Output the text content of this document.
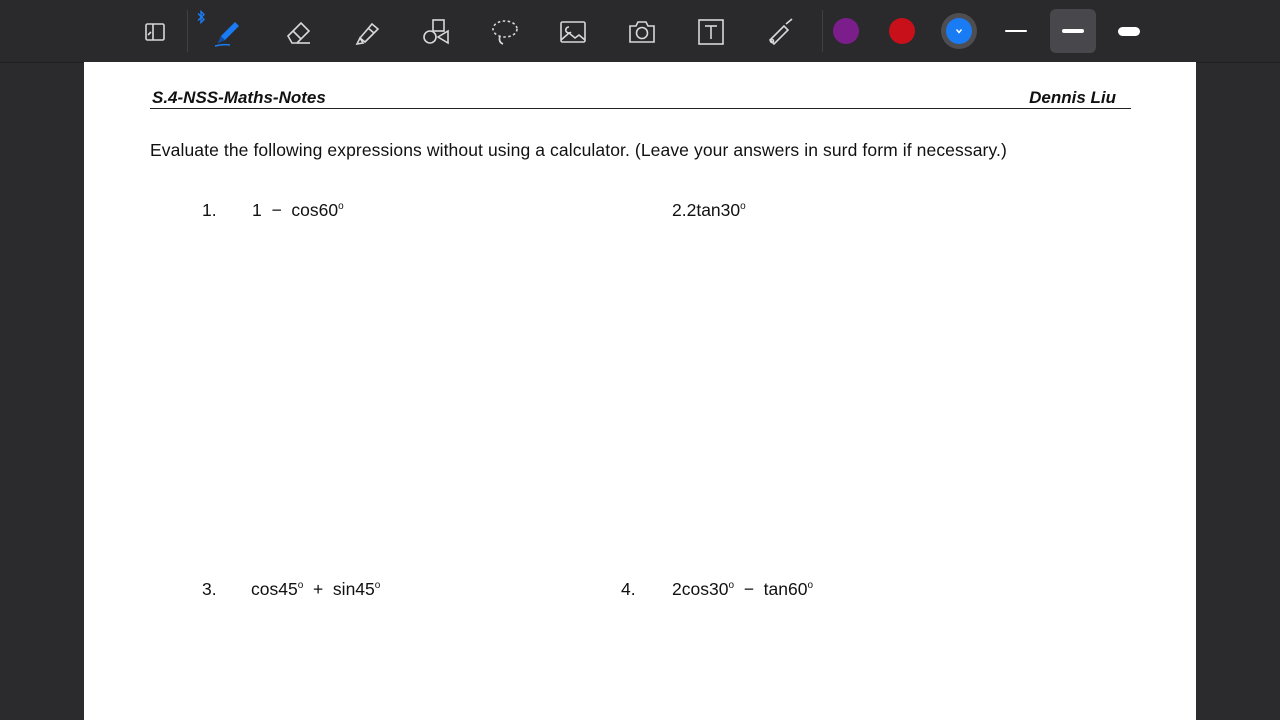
S.4-NSS-Maths-Notes	Dennis Liu
Evaluate the following expressions without using a calculator. (Leave your answers in surd form if necessary.)
1. 1  −  cos60$^o$	2.2tan30$^o$
3. cos45$^o$  +  sin45$^o$	4. 2cos30$^o$  −  tan60$^o$
